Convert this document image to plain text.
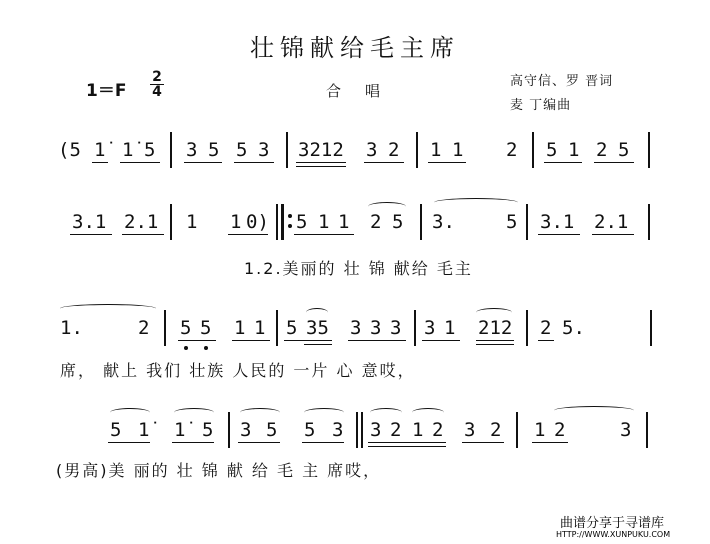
壮锦献给毛主席
1＝F
2
4	合唱
高守信、罗 晋词
麦 丁编曲
(5 1̇ 1̇ 5 3 5 5 3 3212 3 2 1 1 2 5 1 2 5
3.1 2.1 1 1 0) 5 1 1 2 5 3.	5 3.1 2.1
1.2.美丽的 壮 锦 献给 毛主
1.	2 5 5 1 1 5 35 3 3 3 3 1 212 2 5.
席， 献上 我们 壮族 人民的 一片 心 意哎，
5 1̇ 1̇ 5 3 5 5 3 3 2 1 2 3 2 1 2	3
(男高)美 丽的 壮 锦 献 给 毛 主 席哎，
曲谱分享于寻谱库
HTTP://WWW.XUNPUKU.COM
